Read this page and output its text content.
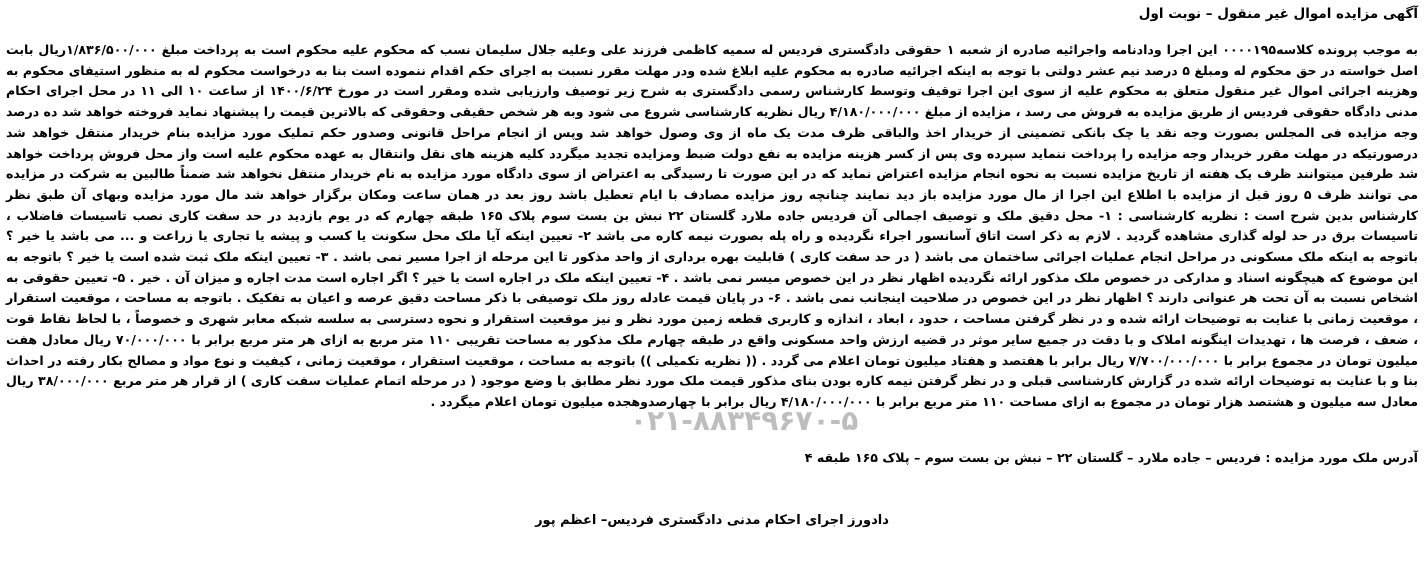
آگهی مزایده اموال غیر منقول – نوبت اول

به موجب پرونده کلاسه۰۰۰۰۱۹۵ این اجرا ودادنامه واجرائیه صادره از شعبه ۱ حقوقی دادگستری فردیس له سمیه کاظمی فرزند علی وعلیه جلال سلیمان نسب که محکوم علیه محکوم است به پرداخت مبلغ ۱/۸۳۶/۵۰۰/۰۰۰ریال بابت اصل خواسته در حق محکوم له ومبلغ ۵ درصد نیم عشر دولتی با توجه به اینکه اجرائیه صادره به محکوم علیه ابلاغ شده ودر مهلت مقرر نسبت به اجرای حکم اقدام ننموده است بنا به درخواست محکوم له به منظور استیفای محکوم به وهزینه اجرائی اموال غیر منقول متعلق به محکوم علیه از سوی این اجرا توقیف وتوسط کارشناس رسمی دادگستری به شرح زیر توصیف وارزیابی شده ومقرر است در مورخ ۱۴۰۰/۶/۲۴ از ساعت ۱۰ الی ۱۱ در محل اجرای احکام مدنی دادگاه حقوقی فردیس از طریق مزایده به فروش می رسد ، مزایده از مبلغ ۴/۱۸۰/۰۰۰/۰۰۰ ریال نظریه کارشناسی شروع می شود وبه هر شخص حقیقی وحقوقی که بالاترین قیمت را پیشنهاد نماید فروخته خواهد شد ده درصد وجه مزایده فی المجلس بصورت وجه نقد یا چک بانکی تضمینی از خریدار اخذ والباقی ظرف مدت یک ماه از وی وصول خواهد شد وپس از انجام مراحل قانونی وصدور حکم تملیک مورد مزایده بنام خریدار منتقل خواهد شد درصورتیکه در مهلت مقرر خریدار وجه مزایده را پرداخت ننماید سپرده وی پس از کسر هزینه مزایده به نفع دولت ضبط ومزایده تجدید میگردد کلیه هزینه های نقل وانتقال به عهده محکوم علیه است واز محل فروش پرداخت خواهد شد طرفین میتوانند ظرف یک هفته از تاریخ مزایده نسبت به نحوه انجام مزایده اعتراض نماید که در این صورت تا رسیدگی به اعتراض از سوی دادگاه مورد مزایده به نام خریدار منتقل نخواهد شد ضمناً طالبین به شرکت در مزایده می توانند ظرف ۵ روز قبل از مزایده با اطلاع این اجرا از مال مورد مزایده باز دید نمایند چنانچه روز مزایده مصادف با ایام تعطیل باشد روز بعد در همان ساعت ومکان برگزار خواهد شد مال مورد مزایده وبهای آن طبق نظر کارشناس بدین شرح است : نظریه کارشناسی : ۱- محل دقیق ملک و توصیف اجمالی آن فردیس جاده ملارد گلستان ۲۲ نبش بن بست سوم پلاک ۱۶۵ طبقه چهارم که در یوم بازدید در حد سفت کاری نصب تاسیسات فاضلاب ، تاسیسات برق در حد لوله گذاری مشاهده گردید . لازم به ذکر است اتاق آسانسور اجراء نگردیده و راه پله بصورت نیمه کاره می باشد ۲- تعیین اینکه آیا ملک محل سکونت یا کسب و پیشه یا تجاری یا زراعت و ... می باشد یا خیر ؟ باتوجه به اینکه ملک مسکونی در مراحل انجام عملیات اجرائی ساختمان می باشد ( در حد سفت کاری ) قابلیت بهره برداری از واحد مذکور تا این مرحله از اجرا مسیر نمی باشد . ۳- تعیین اینکه ملک ثبت شده است یا خیر ؟ باتوجه به این موضوع که هیچگونه اسناد و مدارکی در خصوص ملک مذکور ارائه نگردیده اظهار نظر در این خصوص میسر نمی باشد . ۴- تعیین اینکه ملک در اجاره است یا خیر ؟ اگر اجاره است مدت اجاره و میزان آن . خیر . ۵- تعیین حقوقی به اشخاص نسبت به آن تحت هر عنوانی دارند ؟ اظهار نظر در این خصوص در صلاحیت اینجانب نمی باشد . ۶- در پایان قیمت عادله روز ملک توصیفی با ذکر مساحت دقیق عرصه و اعیان به تفکیک . باتوجه به مساحت ، موقعیت استقرار ، موقعیت زمانی با عنایت به توضیحات ارائه شده و در نظر گرفتن مساحت ، حدود ، ابعاد ، اندازه و کاربری قطعه زمین مورد نظر و نیز موقعیت استقرار و نحوه دسترسی به سلسه شبکه معابر شهری و خصوصاً ، با لحاظ نقاط قوت ، ضعف ، فرصت ها ، تهدیدات اینگونه املاک و با دقت در جمیع سایر موثر در قضیه ارزش واحد مسکونی واقع در طبقه چهارم ملک مذکور به مساحت تقریبی ۱۱۰ متر مربع به ازای هر متر مربع برابر با ۷۰/۰۰۰/۰۰۰ ریال معادل هفت میلیون تومان در مجموع برابر با ۷/۷۰۰/۰۰۰/۰۰۰ ریال برابر با هفتصد و هفتاد میلیون تومان اعلام می گردد . (( نظریه تکمیلی )) باتوجه به مساحت ، موقعیت استقرار ، موقعیت زمانی ، کیفیت و نوع مواد و مصالح بکار رفته در احداث بنا و با عنایت به توضیحات ارائه شده در گزارش کارشناسی قبلی و در نظر گرفتن نیمه کاره بودن بنای مذکور قیمت ملک مورد نظر مطابق با وضع موجود ( در مرحله اتمام عملیات سفت کاری ) از قرار هر متر مربع ۳۸/۰۰۰/۰۰۰ ریال معادل سه میلیون و هشتصد هزار تومان در مجموع به ازای مساحت ۱۱۰ متر مربع برابر با ۴/۱۸۰/۰۰۰/۰۰۰ ریال برابر با چهارصدوهجده میلیون تومان اعلام میگردد .

۰۲۱-۸۸۳۴۹۶۷۰-۵
آدرس ملک مورد مزایده : فردیس – جاده ملارد – گلستان ۲۲ – نبش بن بست سوم – پلاک ۱۶۵ طبقه ۴
دادورز اجرای احکام مدنی دادگستری فردیس– اعظم پور
